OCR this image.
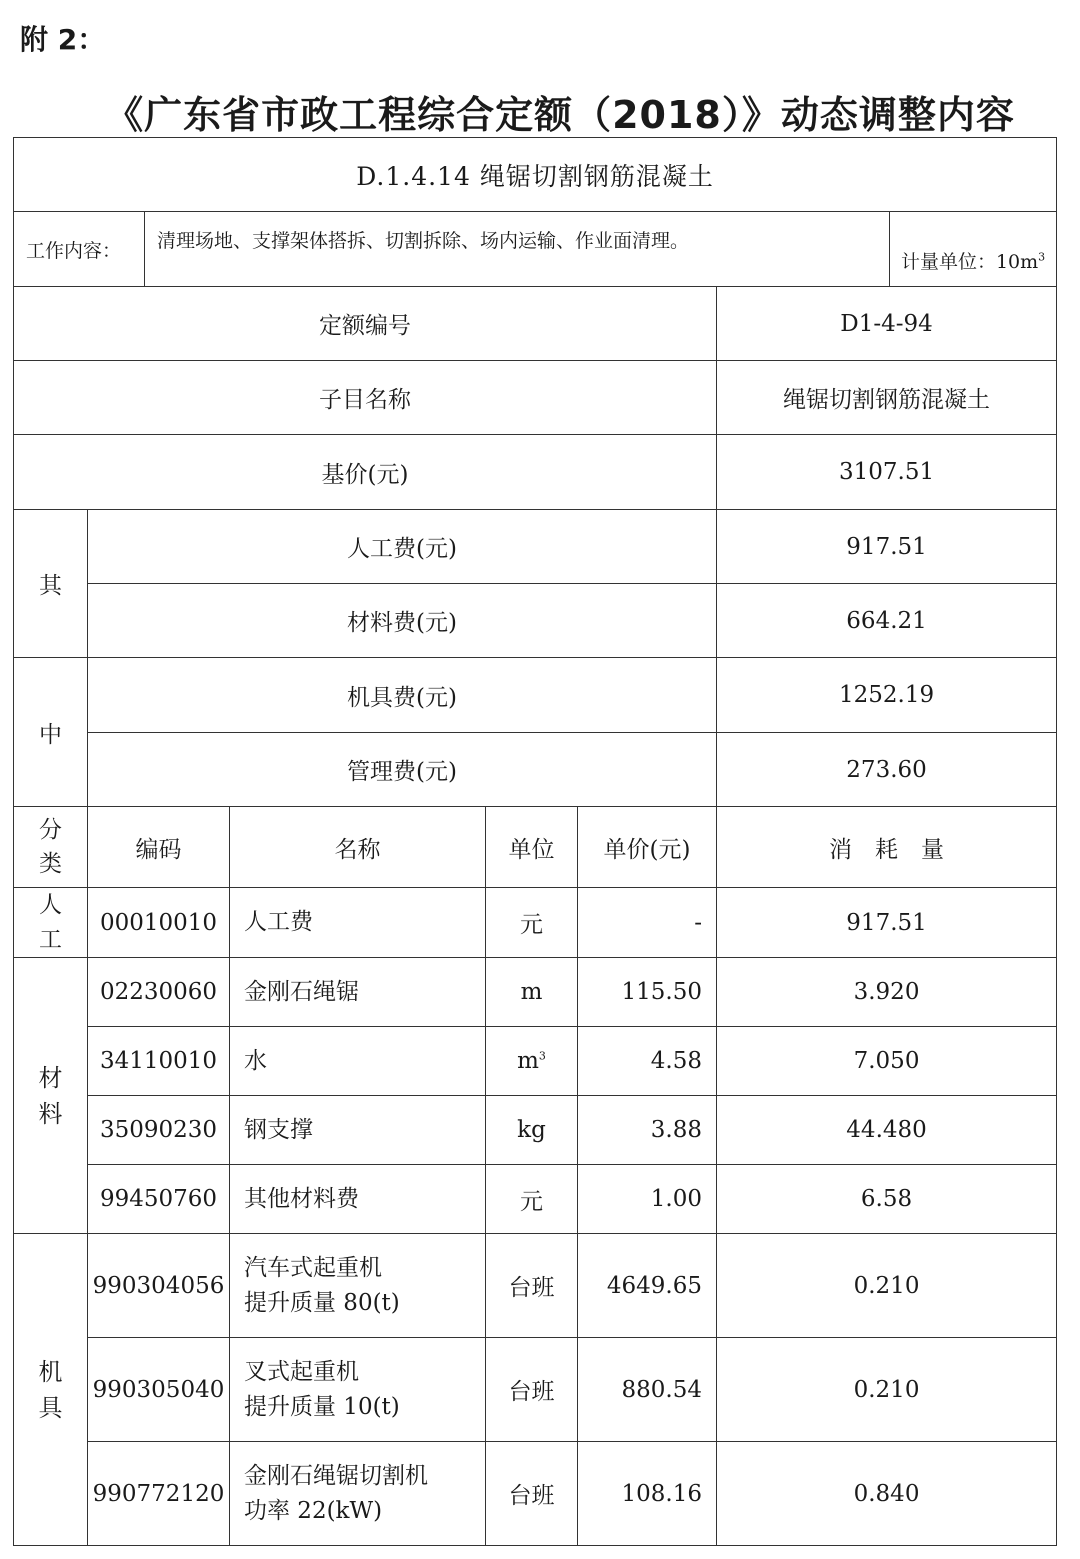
附 2：
《广东省市政工程综合定额（2018）》动态调整内容
D.1.4.14 绳锯切割钢筋混凝土							
工作内容：		清理场地、支撑架体搭拆、切割拆除、场内运输、作业面清理。					计量单位：$10m^3$
定额编号						D1-4-94	
子目名称						绳锯切割钢筋混凝土	
基价(元)						3107.51	
其	人工费(元)					917.51	
	材料费(元)					664.21	
中	机具费(元)					1252.19	
	管理费(元)					273.60	
分
类	编码		名称	单位	单价(元)	消　耗　量	
人
工	00010010		人工费	元	-	917.51	
材
料	02230060		金刚石绳锯	m	115.50	3.920	
	34110010		水	$m^3$	4.58	7.050	
	35090230		钢支撑	kg	3.88	44.480	
	99450760		其他材料费	元	1.00	6.58	
机
具	990304056		汽车式起重机
提升质量 80(t)	台班	4649.65	0.210	
	990305040		叉式起重机
提升质量 10(t)	台班	880.54	0.210	
	990772120		金刚石绳锯切割机
功率 22(kW)	台班	108.16	0.840	
